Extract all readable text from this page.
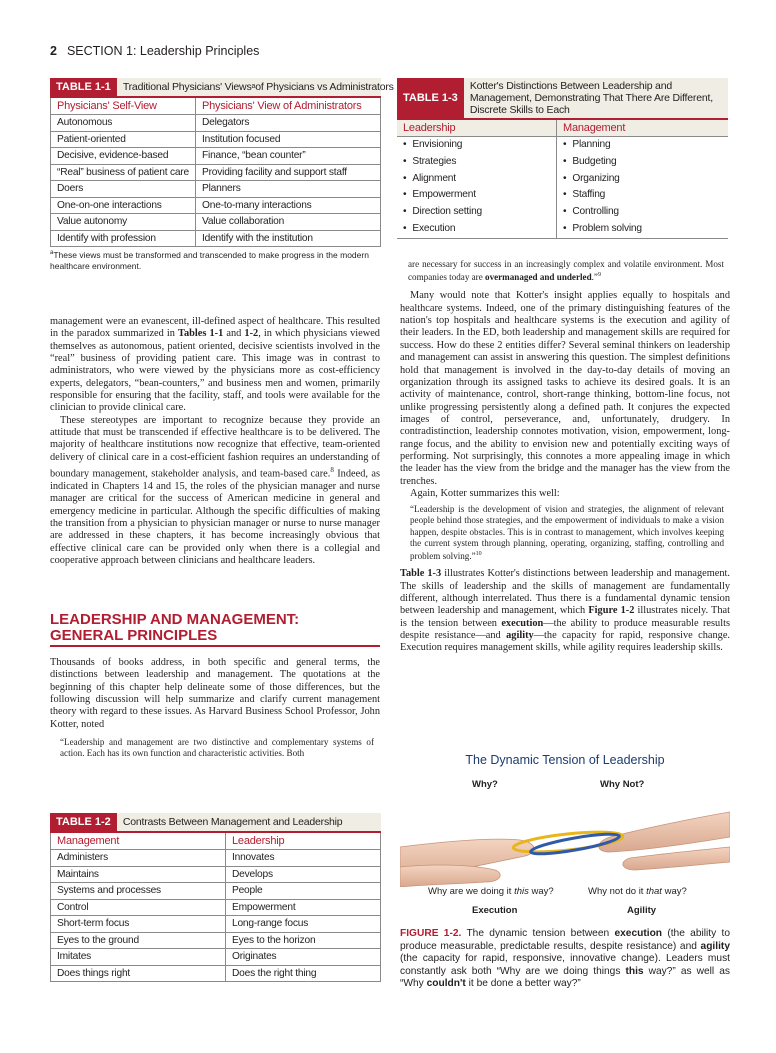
2 SECTION 1: Leadership Principles
TABLE 1-1	Traditional Physicians' Views a of Physicians vs Administrators
Physicians' Self-View	Physicians' View of Administrators
Autonomous	Delegators
Patient-oriented	Institution focused
Decisive, evidence-based	Finance, “bean counter”
“Real” business of patient care	Providing facility and support staff
Doers	Planners
One-on-one interactions	One-to-many interactions
Value autonomy	Value collaboration
Identify with profession	Identify with the institution
$^a$These views must be transformed and transcended to make progress in the modern healthcare environment.
TABLE 1-3
Kotter's Distinctions Between Leadership and Management, Demonstrating That There Are Different, Discrete Skills to Each
Leadership	Management
• Envisioning	• Planning
• Strategies	• Budgeting
• Alignment	• Organizing
• Empowerment	• Staffing
• Direction setting	• Controlling
• Execution	• Problem solving

management were an evanescent, ill-defined aspect of healthcare. This resulted in the paradox summarized in Tables 1-1 and 1-2, in which physicians viewed themselves as autonomous, patient oriented, decisive scientists involved in the “real” business of providing patient care. This image was in contrast to administrators, who were viewed by the physicians more as cost-efficiency experts, delegators, “bean-counters,” and business men and women, primarily responsible for ensuring that the facility, staff, and tools were available for the clinician to provide clinical care.

These stereotypes are important to recognize because they provide an attitude that must be transcended if effective healthcare is to be delivered. The majority of healthcare institutions now recognize that effective, team-oriented delivery of clinical care in a cost-efficient fashion requires an understanding of boundary management, stakeholder analysis, and team-based care.$^8$ Indeed, as indicated in Chapters 14 and 15, the roles of the physician manager and nurse manager are critical for the success of American medicine in general and emergency medicine in particular. Although the specific difficulties of making the transition from a physician to physician manager or nurse to nurse manager are addressed in these chapters, it has become increasingly obvious that effective clinical care can be provided only when there is a collegial and cooperative approach between clinicians and healthcare leaders.

LEADERSHIP AND MANAGEMENT:
GENERAL PRINCIPLES

Thousands of books address, in both specific and general terms, the distinctions between leadership and management. The quotations at the beginning of this chapter help delineate some of those differences, but the following discussion will help summarize and clarify current management theory with regard to these issues. As Harvard Business School Professor, John Kotter, noted

“Leadership and management are two distinctive and complementary systems of action. Each has its own function and characteristic activities. Both
TABLE 1-2	Contrasts Between Management and Leadership
Management	Leadership
Administers	Innovates
Maintains	Develops
Systems and processes	People
Control	Empowerment
Short-term focus	Long-range focus
Eyes to the ground	Eyes to the horizon
Imitates	Originates
Does things right	Does the right thing
are necessary for success in an increasingly complex and volatile environment. Most companies today are overmanaged and underled.”$^9$

Many would note that Kotter's insight applies equally to hospitals and healthcare systems. Indeed, one of the primary distinguishing features of the nation's top hospitals and healthcare systems is the execution and agility of their leaders. In the ED, both leadership and management skills are required for success. How do these 2 entities differ? Several seminal thinkers on leadership and management can assist in answering this question. The simplest definitions hold that management is involved in the day-to-day details of moving an organization through its assigned tasks to achieve its desired goals. It is an activity of maintenance, control, short-range thinking, bottom-line focus, not unlike progressing persistently along a defined path. It conjures the expected images of control, perseverance, and, unfortunately, drudgery. In contradistinction, leadership connotes motivation, vision, empowerment, long-range focus, and the ability to envision new and potentially exciting ways of performing. Not surprisingly, this connotes a more appealing image in which the leader has the view from the bridge and the manager has the view from the trenches.

Again, Kotter summarizes this well:

“Leadership is the development of vision and strategies, the alignment of relevant people behind those strategies, and the empowerment of individuals to make a vision happen, despite obstacles. This is in contrast to management, which involves keeping the current system through planning, operating, organizing, staffing, controlling and problem solving.”$^{10}$

Table 1-3 illustrates Kotter's distinctions between leadership and management. The skills of leadership and the skills of management are fundamentally different, although interrelated. Thus there is a fundamental dynamic tension between leadership and management, which Figure 1-2 illustrates nicely. That is the tension between execution—the ability to produce measurable results despite resistance—and agility—the capacity for rapid, responsive change. Execution requires management skills, while agility requires leadership skills.

The Dynamic Tension of Leadership
Why?	Why Not?
Why are we doing it this way?	Why not do it that way?
Execution	Agility
FIGURE 1-2. The dynamic tension between execution (the ability to produce measurable, predictable results, despite resistance) and agility (the capacity for rapid, responsive, innovative change). Leaders must constantly ask both “Why are we doing things this way?” as well as “Why couldn't it be done a better way?”
